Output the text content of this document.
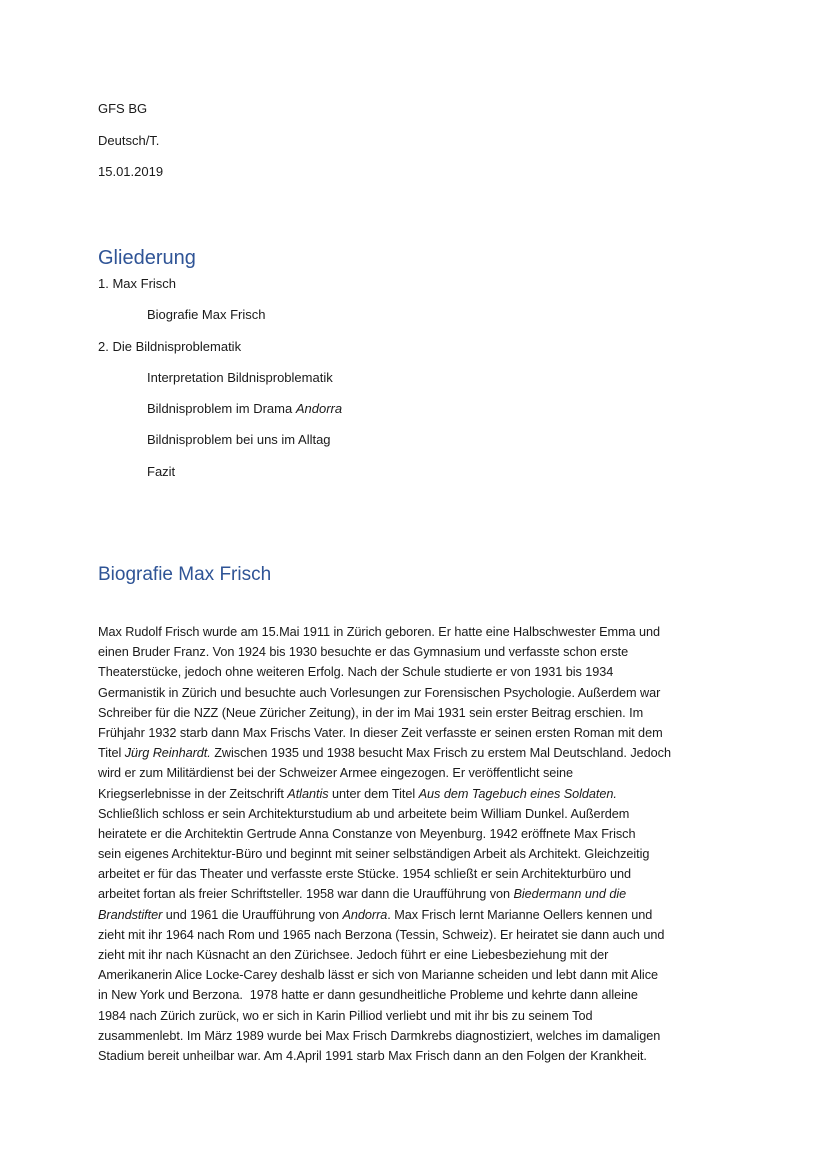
GFS BG
Deutsch/T.
15.01.2019
Gliederung
1. Max Frisch
Biografie Max Frisch
2. Die Bildnisproblematik
Interpretation Bildnisproblematik
Bildnisproblem im Drama Andorra
Bildnisproblem bei uns im Alltag
Fazit
Biografie Max Frisch
Max Rudolf Frisch wurde am 15.Mai 1911 in Zürich geboren. Er hatte eine Halbschwester Emma und
einen Bruder Franz. Von 1924 bis 1930 besuchte er das Gymnasium und verfasste schon erste
Theaterstücke, jedoch ohne weiteren Erfolg. Nach der Schule studierte er von 1931 bis 1934
Germanistik in Zürich und besuchte auch Vorlesungen zur Forensischen Psychologie. Außerdem war
Schreiber für die NZZ (Neue Züricher Zeitung), in der im Mai 1931 sein erster Beitrag erschien. Im
Frühjahr 1932 starb dann Max Frischs Vater. In dieser Zeit verfasste er seinen ersten Roman mit dem
Titel Jürg Reinhardt. Zwischen 1935 und 1938 besucht Max Frisch zu erstem Mal Deutschland. Jedoch
wird er zum Militärdienst bei der Schweizer Armee eingezogen. Er veröffentlicht seine
Kriegserlebnisse in der Zeitschrift Atlantis unter dem Titel Aus dem Tagebuch eines Soldaten.
Schließlich schloss er sein Architekturstudium ab und arbeitete beim William Dunkel. Außerdem
heiratete er die Architektin Gertrude Anna Constanze von Meyenburg. 1942 eröffnete Max Frisch
sein eigenes Architektur-Büro und beginnt mit seiner selbständigen Arbeit als Architekt. Gleichzeitig
arbeitet er für das Theater und verfasste erste Stücke. 1954 schließt er sein Architekturbüro und
arbeitet fortan als freier Schriftsteller. 1958 war dann die Uraufführung von Biedermann und die
Brandstifter und 1961 die Uraufführung von Andorra. Max Frisch lernt Marianne Oellers kennen und
zieht mit ihr 1964 nach Rom und 1965 nach Berzona (Tessin, Schweiz). Er heiratet sie dann auch und
zieht mit ihr nach Küsnacht an den Zürichsee. Jedoch führt er eine Liebesbeziehung mit der
Amerikanerin Alice Locke-Carey deshalb lässt er sich von Marianne scheiden und lebt dann mit Alice
in New York und Berzona.  1978 hatte er dann gesundheitliche Probleme und kehrte dann alleine
1984 nach Zürich zurück, wo er sich in Karin Pilliod verliebt und mit ihr bis zu seinem Tod
zusammenlebt. Im März 1989 wurde bei Max Frisch Darmkrebs diagnostiziert, welches im damaligen
Stadium bereit unheilbar war. Am 4.April 1991 starb Max Frisch dann an den Folgen der Krankheit.
